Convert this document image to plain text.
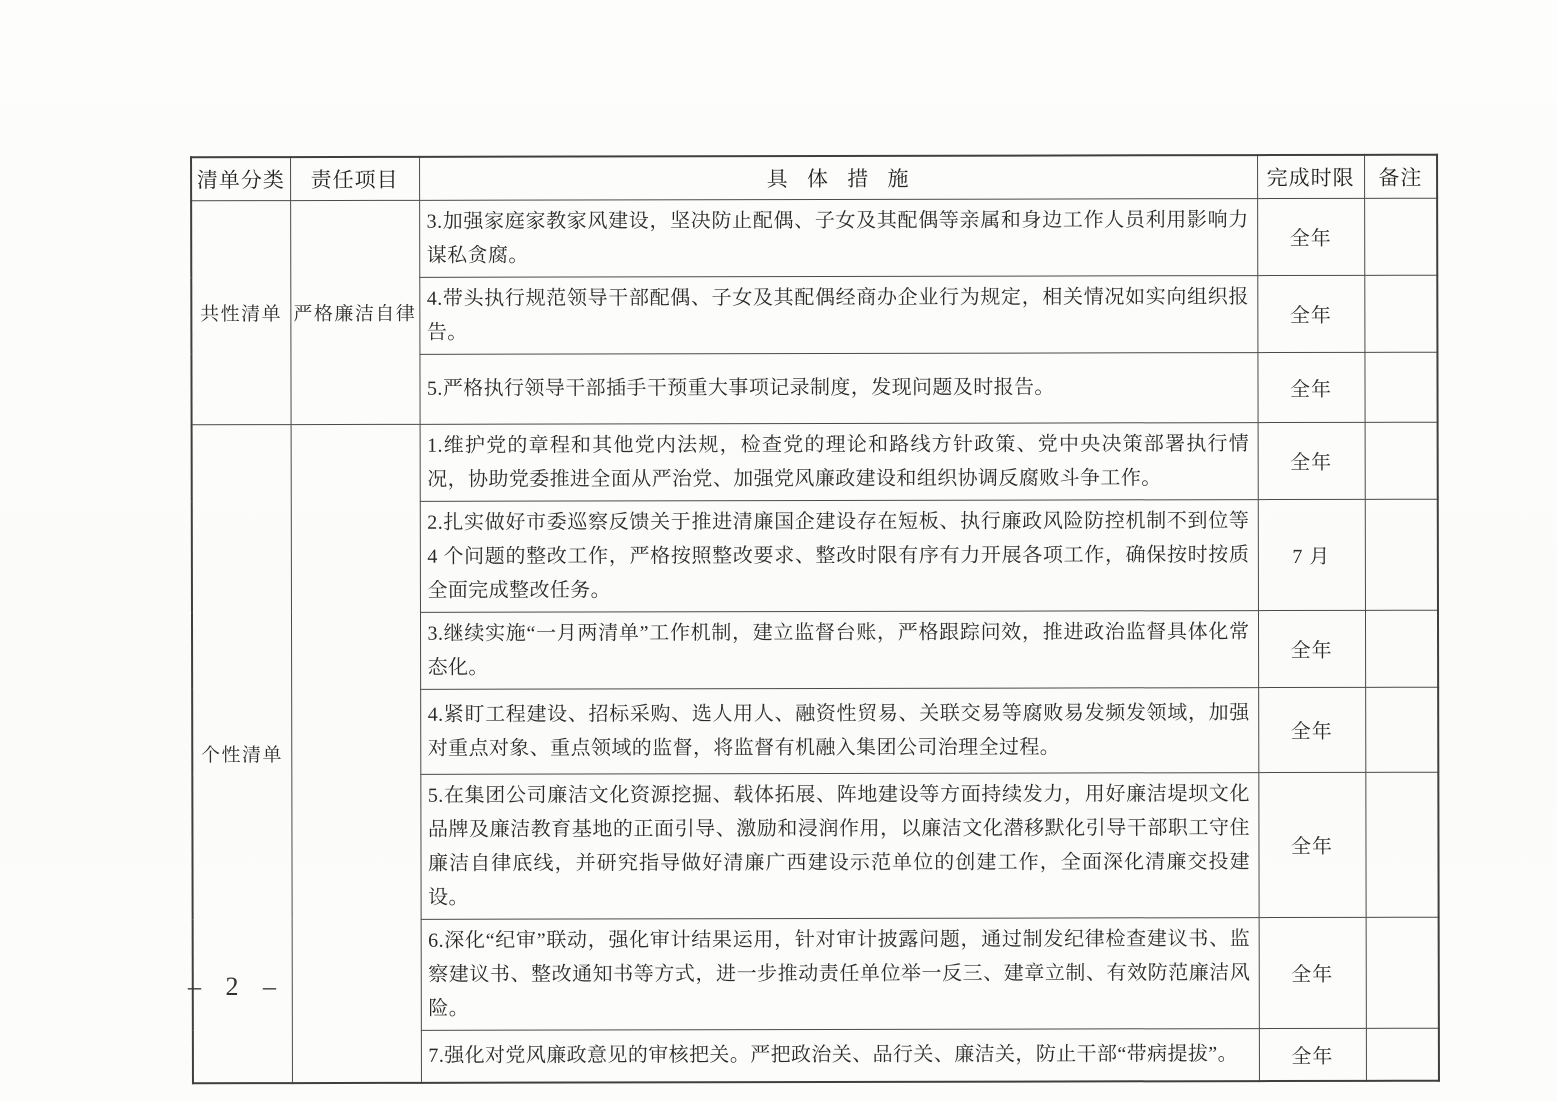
清单分类	责任项目	具 体 措 施	完成时限	备注
共性清单	严格廉洁自律	3.加强家庭家教家风建设，坚决防止配偶、子女及其配偶等亲属和身边工作人员利用影响力谋私贪腐。	全年	
		4.带头执行规范领导干部配偶、子女及其配偶经商办企业行为规定，相关情况如实向组织报告。	全年	
		5.严格执行领导干部插手干预重大事项记录制度，发现问题及时报告。	全年	
个性清单		1.维护党的章程和其他党内法规，检查党的理论和路线方针政策、党中央决策部署执行情况，协助党委推进全面从严治党、加强党风廉政建设和组织协调反腐败斗争工作。	全年	
		2.扎实做好市委巡察反馈关于推进清廉国企建设存在短板、执行廉政风险防控机制不到位等 4 个问题的整改工作，严格按照整改要求、整改时限有序有力开展各项工作，确保按时按质全面完成整改任务。	7 月	
		3.继续实施“一月两清单”工作机制，建立监督台账，严格跟踪问效，推进政治监督具体化常态化。	全年	
		4.紧盯工程建设、招标采购、选人用人、融资性贸易、关联交易等腐败易发频发领域，加强对重点对象、重点领域的监督，将监督有机融入集团公司治理全过程。	全年	
		5.在集团公司廉洁文化资源挖掘、载体拓展、阵地建设等方面持续发力，用好廉洁堤坝文化品牌及廉洁教育基地的正面引导、激励和浸润作用，以廉洁文化潜移默化引导干部职工守住廉洁自律底线，并研究指导做好清廉广西建设示范单位的创建工作，全面深化清廉交投建设。	全年	
		6.深化“纪审”联动，强化审计结果运用，针对审计披露问题，通过制发纪律检查建议书、监察建议书、整改通知书等方式，进一步推动责任单位举一反三、建章立制、有效防范廉洁风险。	全年	
		7.强化对党风廉政意见的审核把关。严把政治关、品行关、廉洁关，防止干部“带病提拔”。	全年	
– 2 –
